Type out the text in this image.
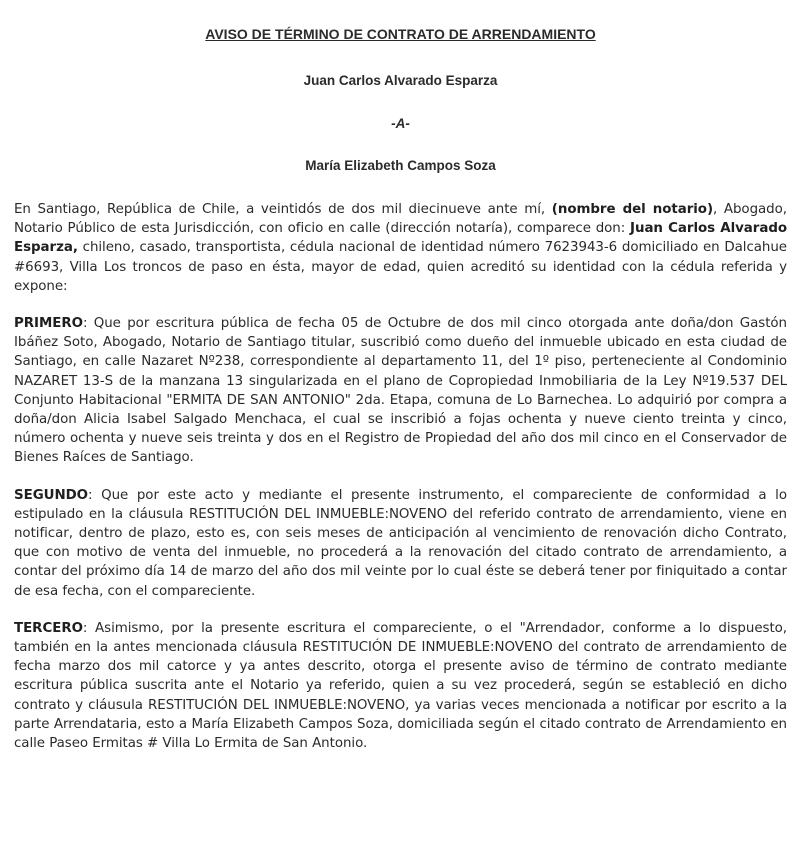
AVISO DE TÉRMINO DE CONTRATO DE ARRENDAMIENTO

Juan Carlos Alvarado Esparza

-A-

María Elizabeth Campos Soza

En Santiago, República de Chile, a veintidós de dos mil diecinueve ante mí, (nombre del notario), Abogado, Notario Público de esta Jurisdicción, con oficio en calle (dirección notaría), comparece don: Juan Carlos Alvarado Esparza, chileno, casado, transportista, cédula nacional de identidad número 7623943-6 domiciliado en Dalcahue #6693, Villa Los troncos de paso en ésta, mayor de edad, quien acreditó su identidad con la cédula referida y expone:

PRIMERO: Que por escritura pública de fecha 05 de Octubre de dos mil cinco otorgada ante doña/don Gastón Ibáñez Soto, Abogado, Notario de Santiago titular, suscribió como dueño del inmueble ubicado en esta ciudad de Santiago, en calle Nazaret Nº238, correspondiente al departamento 11, del 1º piso, perteneciente al Condominio NAZARET 13-S de la manzana 13 singularizada en el plano de Copropiedad Inmobiliaria de la Ley Nº19.537 DEL Conjunto Habitacional "ERMITA DE SAN ANTONIO" 2da. Etapa, comuna de Lo Barnechea. Lo adquirió por compra a doña/don Alicia Isabel Salgado Menchaca, el cual se inscribió a fojas ochenta y nueve ciento treinta y cinco, número ochenta y nueve seis treinta y dos en el Registro de Propiedad del año dos mil cinco en el Conservador de Bienes Raíces de Santiago.

SEGUNDO: Que por este acto y mediante el presente instrumento, el compareciente de conformidad a lo estipulado en la cláusula RESTITUCIÓN DEL INMUEBLE:NOVENO del referido contrato de arrendamiento, viene en notificar, dentro de plazo, esto es, con seis meses de anticipación al vencimiento de renovación dicho Contrato, que con motivo de venta del inmueble, no procederá a la renovación del citado contrato de arrendamiento, a contar del próximo día 14 de marzo del año dos mil veinte por lo cual éste se deberá tener por finiquitado a contar de esa fecha, con el compareciente.

TERCERO: Asimismo, por la presente escritura el compareciente, o el "Arrendador, conforme a lo dispuesto, también en la antes mencionada cláusula RESTITUCIÓN DE INMUEBLE:NOVENO del contrato de arrendamiento de fecha marzo dos mil catorce y ya antes descrito, otorga el presente aviso de término de contrato mediante escritura pública suscrita ante el Notario ya referido, quien a su vez procederá, según se estableció en dicho contrato y cláusula RESTITUCIÓN DEL INMUEBLE:NOVENO, ya varias veces mencionada a notificar por escrito a la parte Arrendataria, esto a María Elizabeth Campos Soza, domiciliada según el citado contrato de Arrendamiento en calle Paseo Ermitas # Villa Lo Ermita de San Antonio.
